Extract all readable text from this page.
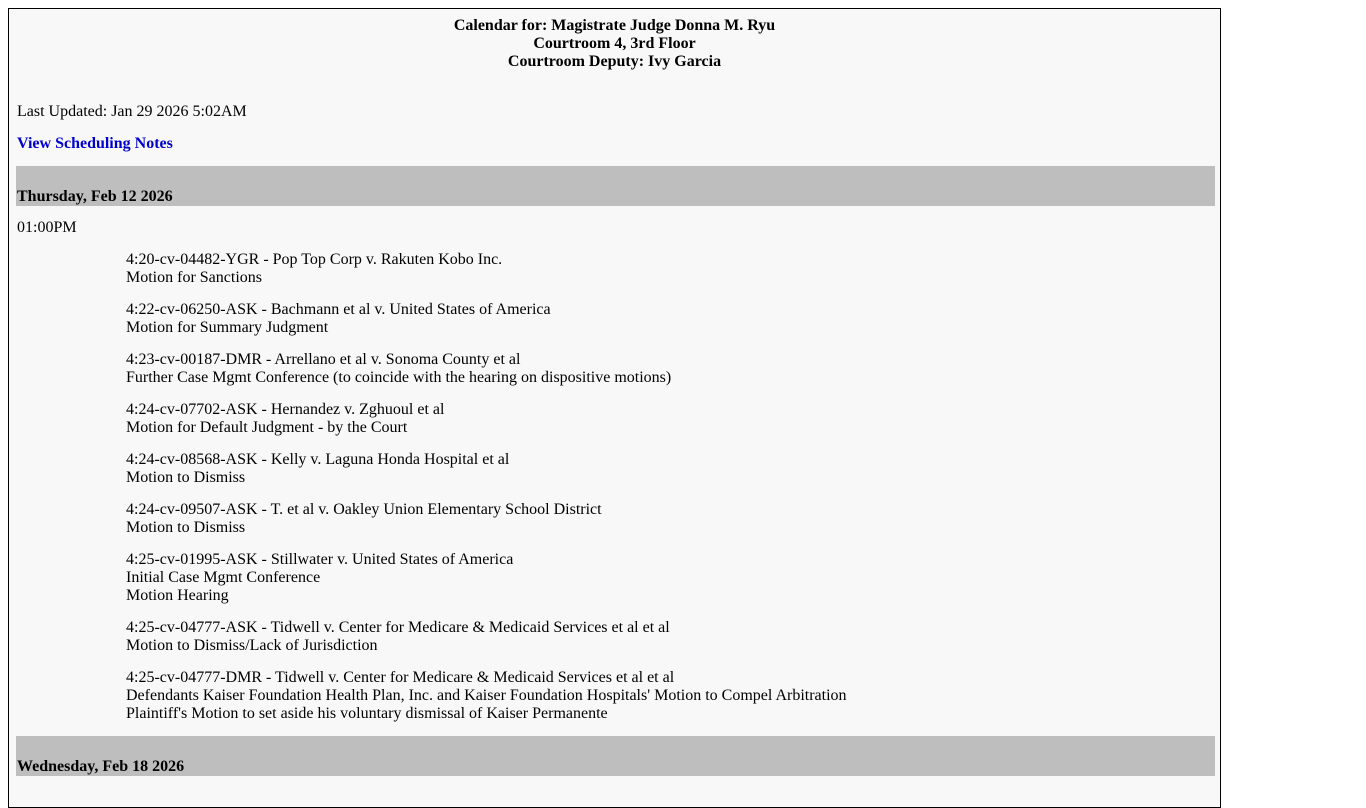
Calendar for: Magistrate Judge Donna M. Ryu
Courtroom 4, 3rd Floor
Courtroom Deputy: Ivy Garcia
Last Updated: Jan 29 2026 5:02AM
View Scheduling Notes
Thursday, Feb 12 2026
01:00PM
4:20-cv-04482-YGR - Pop Top Corp v. Rakuten Kobo Inc.
Motion for Sanctions
4:22-cv-06250-ASK - Bachmann et al v. United States of America
Motion for Summary Judgment
4:23-cv-00187-DMR - Arrellano et al v. Sonoma County et al
Further Case Mgmt Conference (to coincide with the hearing on dispositive motions)
4:24-cv-07702-ASK - Hernandez v. Zghuoul et al
Motion for Default Judgment - by the Court
4:24-cv-08568-ASK - Kelly v. Laguna Honda Hospital et al
Motion to Dismiss
4:24-cv-09507-ASK - T. et al v. Oakley Union Elementary School District
Motion to Dismiss
4:25-cv-01995-ASK - Stillwater v. United States of America
Initial Case Mgmt Conference
Motion Hearing
4:25-cv-04777-ASK - Tidwell v. Center for Medicare & Medicaid Services et al et al
Motion to Dismiss/Lack of Jurisdiction
4:25-cv-04777-DMR - Tidwell v. Center for Medicare & Medicaid Services et al et al
Defendants Kaiser Foundation Health Plan, Inc. and Kaiser Foundation Hospitals' Motion to Compel Arbitration
Plaintiff's Motion to set aside his voluntary dismissal of Kaiser Permanente
Wednesday, Feb 18 2026
